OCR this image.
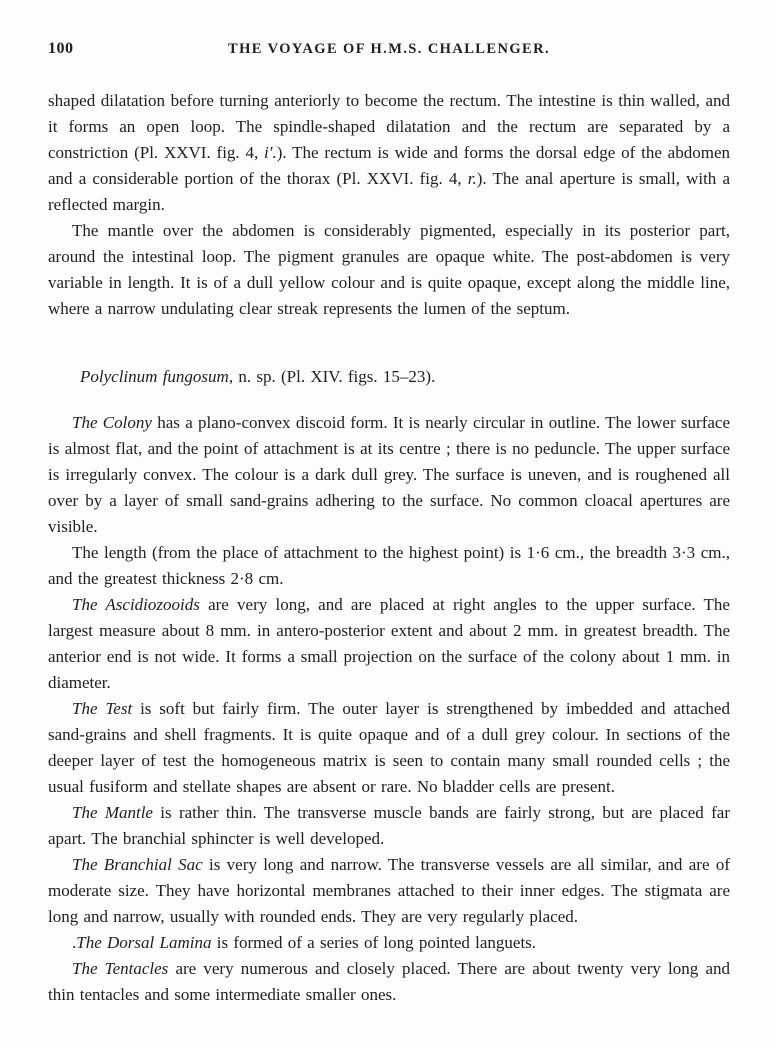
100	THE VOYAGE OF H.M.S. CHALLENGER.

shaped dilatation before turning anteriorly to become the rectum. The intestine is thin walled, and it forms an open loop. The spindle-shaped dilatation and the rectum are separated by a constriction (Pl. XXVI. fig. 4, i′.). The rectum is wide and forms the dorsal edge of the abdomen and a considerable portion of the thorax (Pl. XXVI. fig. 4, r.). The anal aperture is small, with a reflected margin.

The mantle over the abdomen is considerably pigmented, especially in its posterior part, around the intestinal loop. The pigment granules are opaque white. The post-abdomen is very variable in length. It is of a dull yellow colour and is quite opaque, except along the middle line, where a narrow undulating clear streak represents the lumen of the septum.

Polyclinum fungosum, n. sp. (Pl. XIV. figs. 15–23).

The Colony has a plano-convex discoid form. It is nearly circular in outline. The lower surface is almost flat, and the point of attachment is at its centre ; there is no peduncle. The upper surface is irregularly convex. The colour is a dark dull grey. The surface is uneven, and is roughened all over by a layer of small sand-grains adhering to the surface. No common cloacal apertures are visible.

The length (from the place of attachment to the highest point) is 1·6 cm., the breadth 3·3 cm., and the greatest thickness 2·8 cm.

The Ascidiozooids are very long, and are placed at right angles to the upper surface. The largest measure about 8 mm. in antero-posterior extent and about 2 mm. in greatest breadth. The anterior end is not wide. It forms a small projection on the surface of the colony about 1 mm. in diameter.

The Test is soft but fairly firm. The outer layer is strengthened by imbedded and attached sand-grains and shell fragments. It is quite opaque and of a dull grey colour. In sections of the deeper layer of test the homogeneous matrix is seen to contain many small rounded cells ; the usual fusiform and stellate shapes are absent or rare. No bladder cells are present.

The Mantle is rather thin. The transverse muscle bands are fairly strong, but are placed far apart. The branchial sphincter is well developed.

The Branchial Sac is very long and narrow. The transverse vessels are all similar, and are of moderate size. They have horizontal membranes attached to their inner edges. The stigmata are long and narrow, usually with rounded ends. They are very regularly placed.

.The Dorsal Lamina is formed of a series of long pointed languets.

The Tentacles are very numerous and closely placed. There are about twenty very long and thin tentacles and some intermediate smaller ones.
